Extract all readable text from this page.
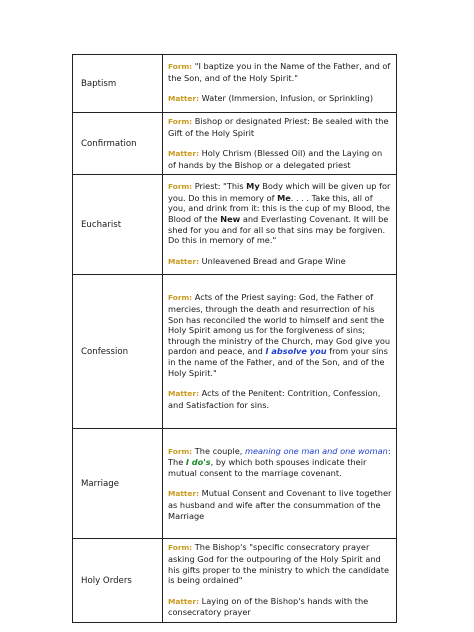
Baptism	Form: "I baptize you in the Name of the Father, and of the Son, and of the Holy Spirit."

Matter: Water (Immersion, Infusion, or Sprinkling)

Confirmation	Form: Bishop or designated Priest: Be sealed with the Gift of the Holy Spirit

Matter: Holy Chrism (Blessed Oil) and the Laying on of hands by the Bishop or a delegated priest

Eucharist	Form: Priest: "This My Body which will be given up for you. Do this in memory of Me. . . . Take this, all of you, and drink from it: this is the cup of my Blood, the Blood of the New and Everlasting Covenant. It will be shed for you and for all so that sins may be forgiven. Do this in memory of me."

Matter: Unleavened Bread and Grape Wine

Confession	Form: Acts of the Priest saying: God, the Father of mercies, through the death and resurrection of his Son has reconciled the world to himself and sent the Holy Spirit among us for the forgiveness of sins; through the ministry of the Church, may God give you pardon and peace, and I absolve you from your sins in the name of the Father, and of the Son, and of the Holy Spirit."

Matter: Acts of the Penitent: Contrition, Confession, and Satisfaction for sins.

Marriage	Form: The couple, meaning one man and one woman: The I do's, by which both spouses indicate their mutual consent to the marriage covenant.

Matter: Mutual Consent and Covenant to live together as husband and wife after the consummation of the Marriage

Holy Orders	Form: The Bishop's "specific consecratory prayer asking God for the outpouring of the Holy Spirit and his gifts proper to the ministry to which the candidate is being ordained"

Matter: Laying on of the Bishop's hands with the consecratory prayer
